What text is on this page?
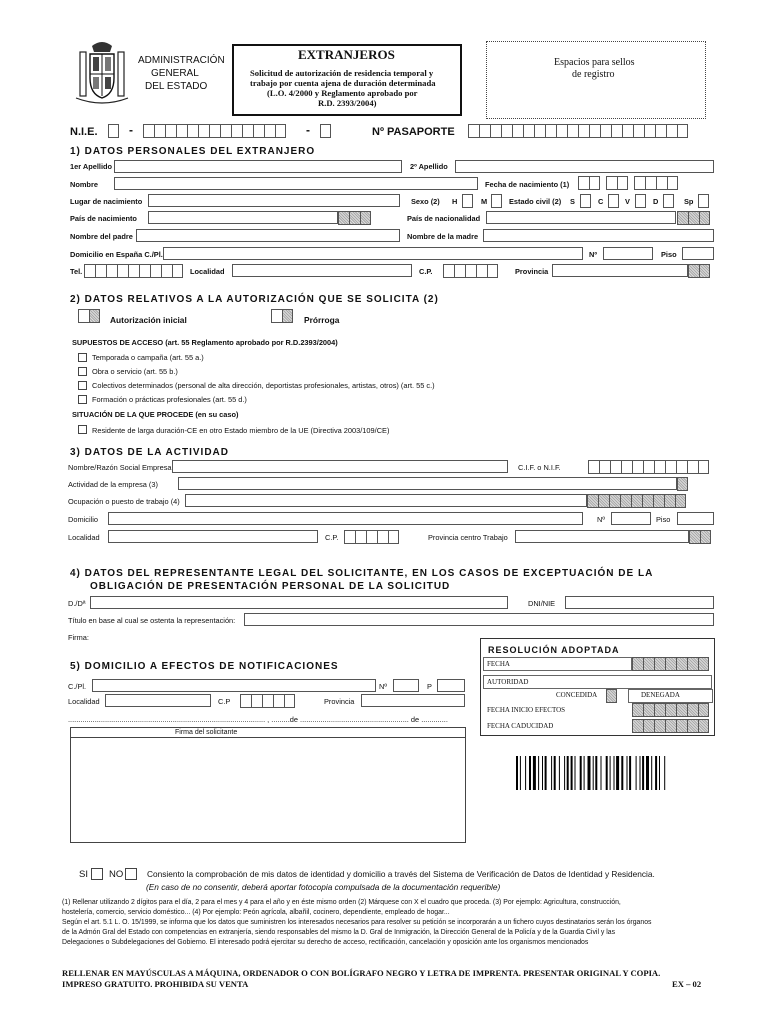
ADMINISTRACIÓN
GENERAL
DEL ESTADO
EXTRANJEROS
Solicitud de autorización de residencia temporal y
trabajo por cuenta ajena de duración determinada
(L.O. 4/2000 y Reglamento aprobado por
R.D. 2393/2004)
Espacios para sellos
de registro
N.I.E.	-	-	Nº PASAPORTE
1) DATOS PERSONALES DEL EXTRANJERO
1er Apellido	2º Apellido
Nombre	Fecha de nacimiento (1)
Lugar de nacimiento	Sexo (2) H	M	Estado civil (2) S	C	V	D	Sp
País de nacimiento	País de nacionalidad
Nombre del padre	Nombre de la madre
Domicilio en España C./Pl.	Nº	Piso
Tel.	Localidad	C.P.	Provincia
2) DATOS RELATIVOS A LA AUTORIZACIÓN QUE SE SOLICITA (2)
Autorización inicial	Prórroga
SUPUESTOS DE ACCESO (art. 55 Reglamento aprobado por R.D.2393/2004)
Temporada o campaña (art. 55 a.)
Obra o servicio (art. 55 b.)
Colectivos determinados (personal de alta dirección, deportistas profesionales, artistas, otros) (art. 55 c.)
Formación o prácticas profesionales (art. 55 d.)
SITUACIÓN DE LA QUE PROCEDE (en su caso)
Residente de larga duración-CE en otro Estado miembro de la UE (Directiva 2003/109/CE)
3) DATOS DE LA ACTIVIDAD
Nombre/Razón Social Empresa	C.I.F. o N.I.F.
Actividad de la empresa (3)
Ocupación o puesto de trabajo (4)
Domicilio	Nº	Piso
Localidad	C.P.	Provincia centro Trabajo
4) DATOS DEL REPRESENTANTE LEGAL DEL SOLICITANTE, EN LOS CASOS DE EXCEPTUACIÓN DE LA
OBLIGACIÓN DE PRESENTACIÓN PERSONAL DE LA SOLICITUD
D./Dª	DNI/NIE
Título en base al cual se ostenta la representación:
Firma:
RESOLUCIÓN ADOPTADA
FECHA
AUTORIDAD
CONCEDIDA	DENEGADA
FECHA INICIO EFECTOS
FECHA CADUCIDAD
5) DOMICILIO A EFECTOS DE NOTIFICACIONES
C./Pl.	Nº	P
Localidad	C.P	Provincia
................................................................................................ , .........de ..................................................... de .............
Firma del solicitante
SI NO	Consiento la comprobación de mis datos de identidad y domicilio a través del Sistema de Verificación de Datos de Identidad y Residencia.
(En caso de no consentir, deberá aportar fotocopia compulsada de la documentación requerible)
(1) Rellenar utilizando 2 dígitos para el día, 2 para el mes y 4 para el año y en éste mismo orden (2) Márquese con X el cuadro que proceda. (3) Por ejemplo: Agricultura, construcción,
hostelería, comercio, servicio doméstico... (4) Por ejemplo: Peón agrícola, albañil, cocinero, dependiente, empleado de hogar...
Según el art. 5.1 L. O. 15/1999, se informa que los datos que suministren los interesados necesarios para resolver su petición se incorporarán a un fichero cuyos destinatarios serán los órganos
de la Admón Gral del Estado con competencias en extranjería, siendo responsables del mismo la D. Gral de Inmigración, la Dirección General de la Policía y de la Guardia Civil y las
Delegaciones o Subdelegaciones del Gobierno. El interesado podrá ejercitar su derecho de acceso, rectificación, cancelación y oposición ante los organismos mencionados
RELLENAR EN MAYÚSCULAS A MÁQUINA, ORDENADOR O CON BOLÍGRAFO NEGRO Y LETRA DE IMPRENTA. PRESENTAR ORIGINAL Y COPIA.
IMPRESO GRATUITO. PROHIBIDA SU VENTA	EX – 02
